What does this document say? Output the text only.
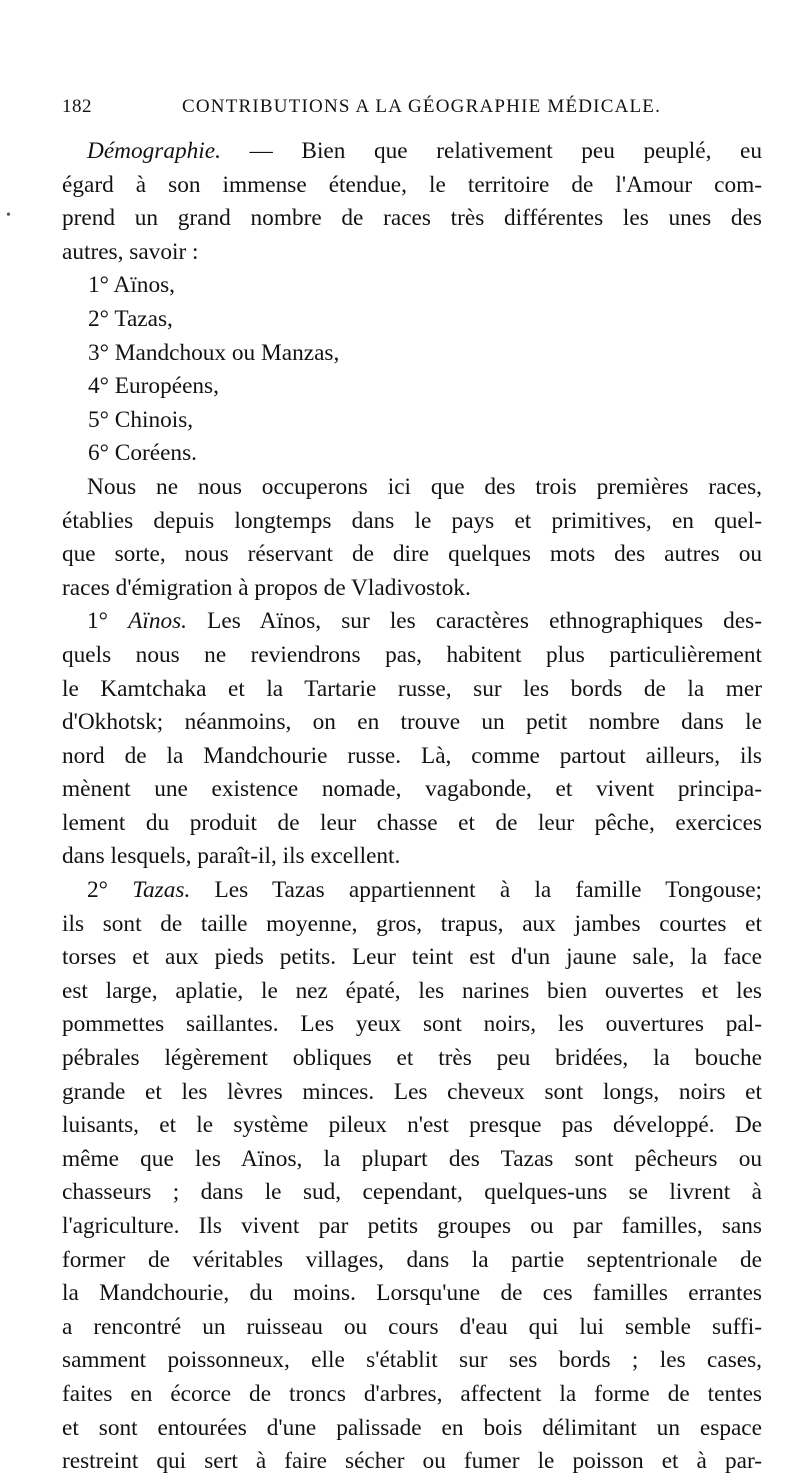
182	CONTRIBUTIONS A LA GÉOGRAPHIE MÉDICALE.
•
Démographie. — Bien que relativement peu peuplé, eu
égard à son immense étendue, le territoire de l'Amour com-
prend un grand nombre de races très différentes les unes des
autres, savoir :
1° Aïnos,
2° Tazas,
3° Mandchoux ou Manzas,
4° Européens,
5° Chinois,
6° Coréens.
Nous ne nous occuperons ici que des trois premières races,
établies depuis longtemps dans le pays et primitives, en quel-
que sorte, nous réservant de dire quelques mots des autres ou
races d'émigration à propos de Vladivostok.
1° Aïnos. Les Aïnos, sur les caractères ethnographiques des-
quels nous ne reviendrons pas, habitent plus particulièrement
le Kamtchaka et la Tartarie russe, sur les bords de la mer
d'Okhotsk; néanmoins, on en trouve un petit nombre dans le
nord de la Mandchourie russe. Là, comme partout ailleurs, ils
mènent une existence nomade, vagabonde, et vivent principa-
lement du produit de leur chasse et de leur pêche, exercices
dans lesquels, paraît-il, ils excellent.
2° Tazas. Les Tazas appartiennent à la famille Tongouse;
ils sont de taille moyenne, gros, trapus, aux jambes courtes et
torses et aux pieds petits. Leur teint est d'un jaune sale, la face
est large, aplatie, le nez épaté, les narines bien ouvertes et les
pommettes saillantes. Les yeux sont noirs, les ouvertures pal-
pébrales légèrement obliques et très peu bridées, la bouche
grande et les lèvres minces. Les cheveux sont longs, noirs et
luisants, et le système pileux n'est presque pas développé. De
même que les Aïnos, la plupart des Tazas sont pêcheurs ou
chasseurs ; dans le sud, cependant, quelques-uns se livrent à
l'agriculture. Ils vivent par petits groupes ou par familles, sans
former de véritables villages, dans la partie septentrionale de
la Mandchourie, du moins. Lorsqu'une de ces familles errantes
a rencontré un ruisseau ou cours d'eau qui lui semble suffi-
samment poissonneux, elle s'établit sur ses bords ; les cases,
faites en écorce de troncs d'arbres, affectent la forme de tentes
et sont entourées d'une palissade en bois délimitant un espace
restreint qui sert à faire sécher ou fumer le poisson et à par-
